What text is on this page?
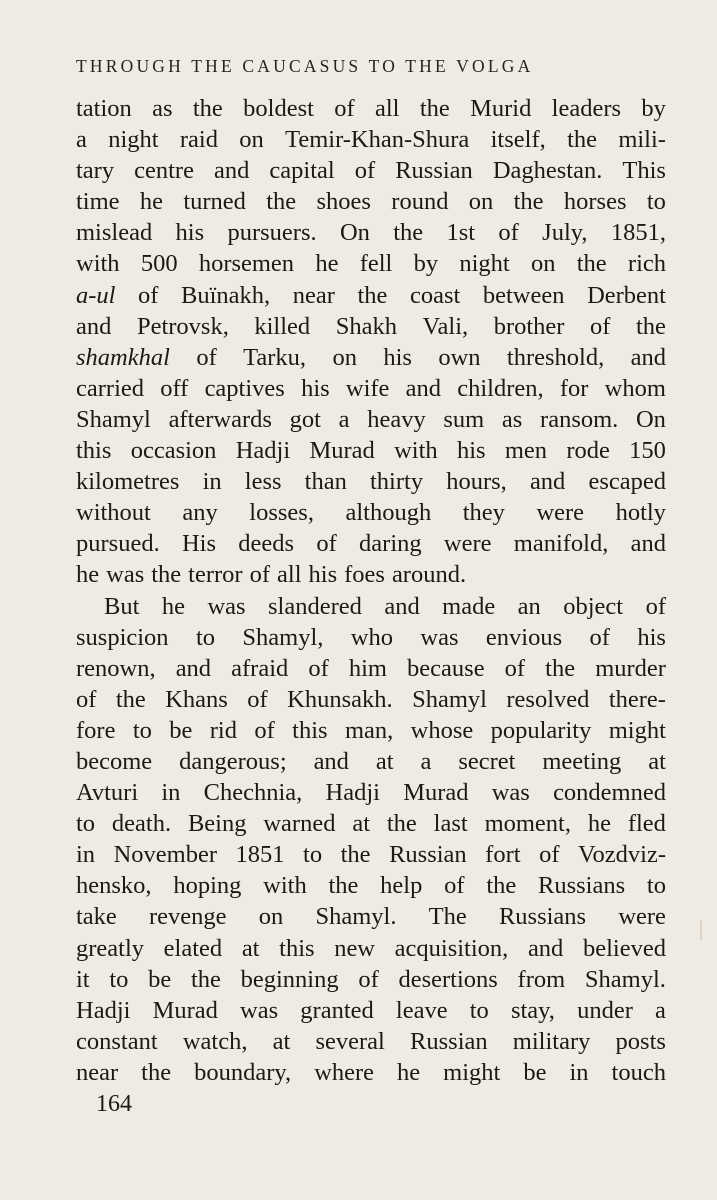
THROUGH THE CAUCASUS TO THE VOLGA
tation as the boldest of all the Murid leaders by
a night raid on Temir-Khan-Shura itself, the mili-
tary centre and capital of Russian Daghestan. This
time he turned the shoes round on the horses to
mislead his pursuers. On the 1st of July, 1851,
with 500 horsemen he fell by night on the rich
a-ul of Buïnakh, near the coast between Derbent
and Petrovsk, killed Shakh Vali, brother of the
shamkhal of Tarku, on his own threshold, and
carried off captives his wife and children, for whom
Shamyl afterwards got a heavy sum as ransom. On
this occasion Hadji Murad with his men rode 150
kilometres in less than thirty hours, and escaped
without any losses, although they were hotly
pursued. His deeds of daring were manifold, and
he was the terror of all his foes around.
But he was slandered and made an object of
suspicion to Shamyl, who was envious of his
renown, and afraid of him because of the murder
of the Khans of Khunsakh. Shamyl resolved there-
fore to be rid of this man, whose popularity might
become dangerous; and at a secret meeting at
Avturi in Chechnia, Hadji Murad was condemned
to death. Being warned at the last moment, he fled
in November 1851 to the Russian fort of Vozdviz-
hensko, hoping with the help of the Russians to
take revenge on Shamyl. The Russians were
greatly elated at this new acquisition, and believed
it to be the beginning of desertions from Shamyl.
Hadji Murad was granted leave to stay, under a
constant watch, at several Russian military posts
near the boundary, where he might be in touch
164
